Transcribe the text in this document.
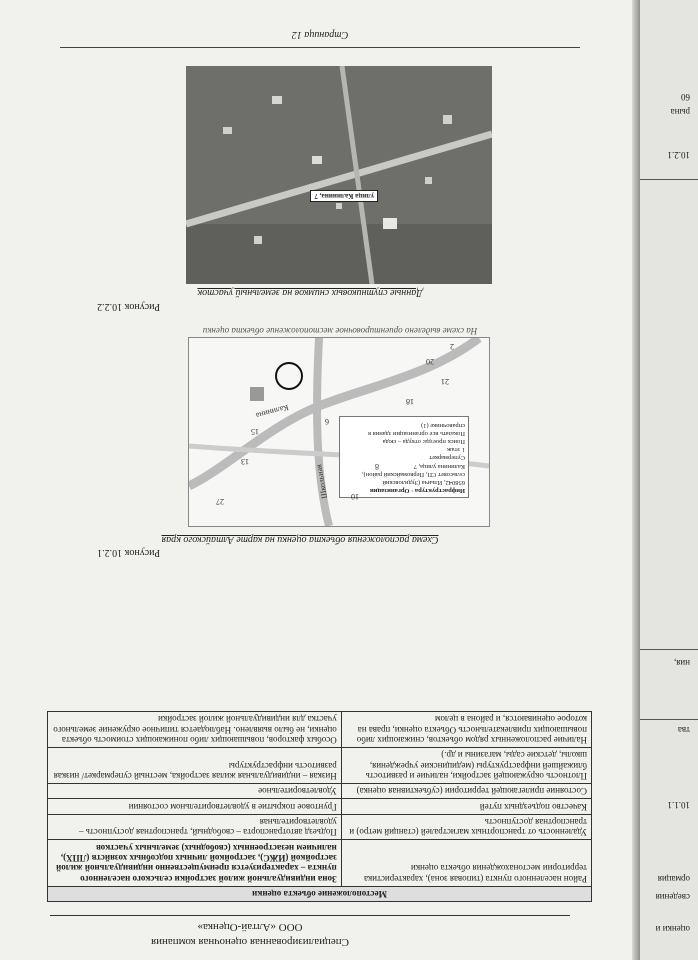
Специализированная оценочная компания
ООО «Алтай-Оценка»
Местоположение объекта оценки	
Район населенного пункта (типовая зона), характеристика территории местонахождения объекта оценки	Зона индивидуальной жилой застройки сельского населенного пункта – характеризуется преимущественно индивидуальной жилой застройкой (ИЖС), застройкой личных подсобных хозяйств (ЛПХ), наличием незастроенных (свободных) земельных участков
Удаленность от транспортных магистралей (станций метро) и транспортная доступность	Подъезд автотранспорта – свободный, транспортная доступность – удовлетворительная
Качество подъездных путей	Грунтовое покрытие в удовлетворительном состоянии
Состояние прилегающей территории (субъективная оценка)	Удовлетворительное
Плотность окружающей застройки, наличие и развитость ближайшей инфраструктуры (медицинские учреждения, школы, детские сады, магазины и др.)	Низкая – индивидуальная жилая застройка, местный супермаркет/ низкая развитость инфраструктуры
Наличие расположенных рядом объектов, снижающих либо повышающих привлекательность Объекта оценки, права на которое оцениваются, и района в целом	Особых факторов, повышающих либо понижающих стоимость объекта оценки, не было выявлено. Наблюдается типичное окружение земельного участка для индивидуальной жилой застройки
Рисунок 10.2.1
Схема расположения объекта оценки на карте Алтайского края
Инфраструктура · Организации
658042, Ильича (Зудиловский
сельсовет СП, Первомайский район),
Калинина улица, 7
Супермаркет
1 этаж
Поиск проезда: откуда – сюда
Показать все организации здания в
справочнике (1)
Калинина
Школьная
21
20
18
27
10
8
13
15
6
2
На схеме выделено ориентировочное местоположение объекта оценки
Рисунок 10.2.2
Данные спутниковых снимков на земельный участок
улица Калинина, 7
Страница 12
оценки и
сведения
ормация
10.1.1
тва
ния,
10.2.1
рына
60
